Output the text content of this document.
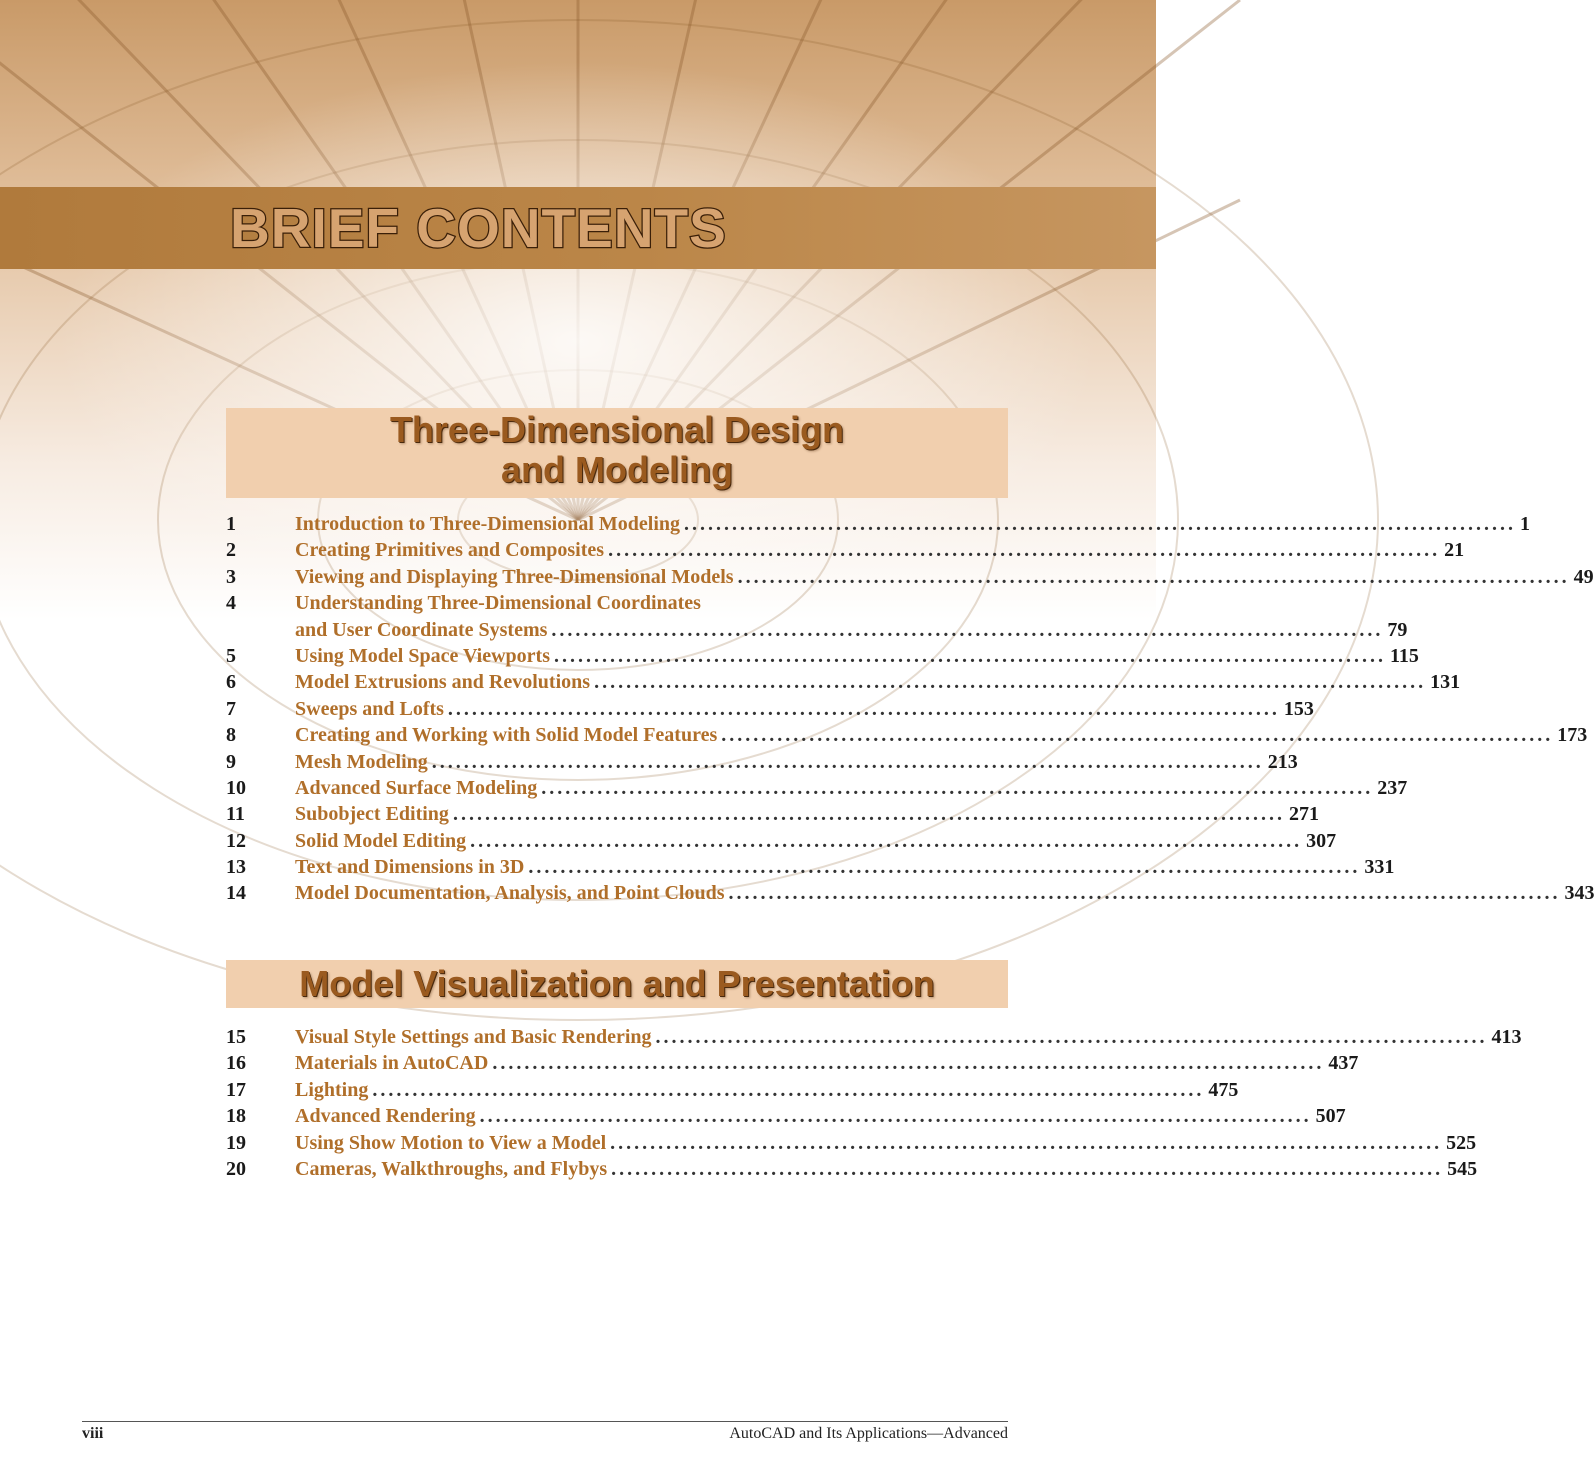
BRIEF CONTENTS
Three-Dimensional Design
and Modeling
1	Introduction to Three-Dimensional Modeling ........................................................................................................ 1
2	Creating Primitives and Composites ........................................................................................................ 21
3	Viewing and Displaying Three-Dimensional Models ........................................................................................................ 49
4	Understanding Three-Dimensional Coordinates
and User Coordinate Systems ........................................................................................................ 79
5	Using Model Space Viewports ........................................................................................................ 115
6	Model Extrusions and Revolutions ........................................................................................................ 131
7	Sweeps and Lofts ........................................................................................................ 153
8	Creating and Working with Solid Model Features ........................................................................................................ 173
9	Mesh Modeling ........................................................................................................ 213
10	Advanced Surface Modeling ........................................................................................................ 237
11	Subobject Editing ........................................................................................................ 271
12	Solid Model Editing ........................................................................................................ 307
13	Text and Dimensions in 3D ........................................................................................................ 331
14	Model Documentation, Analysis, and Point Clouds ........................................................................................................ 343
Model Visualization and Presentation
15	Visual Style Settings and Basic Rendering ........................................................................................................ 413
16	Materials in AutoCAD ........................................................................................................ 437
17	Lighting ........................................................................................................ 475
18	Advanced Rendering ........................................................................................................ 507
19	Using Show Motion to View a Model ........................................................................................................ 525
20	Cameras, Walkthroughs, and Flybys ........................................................................................................ 545
viii	AutoCAD and Its Applications—Advanced
